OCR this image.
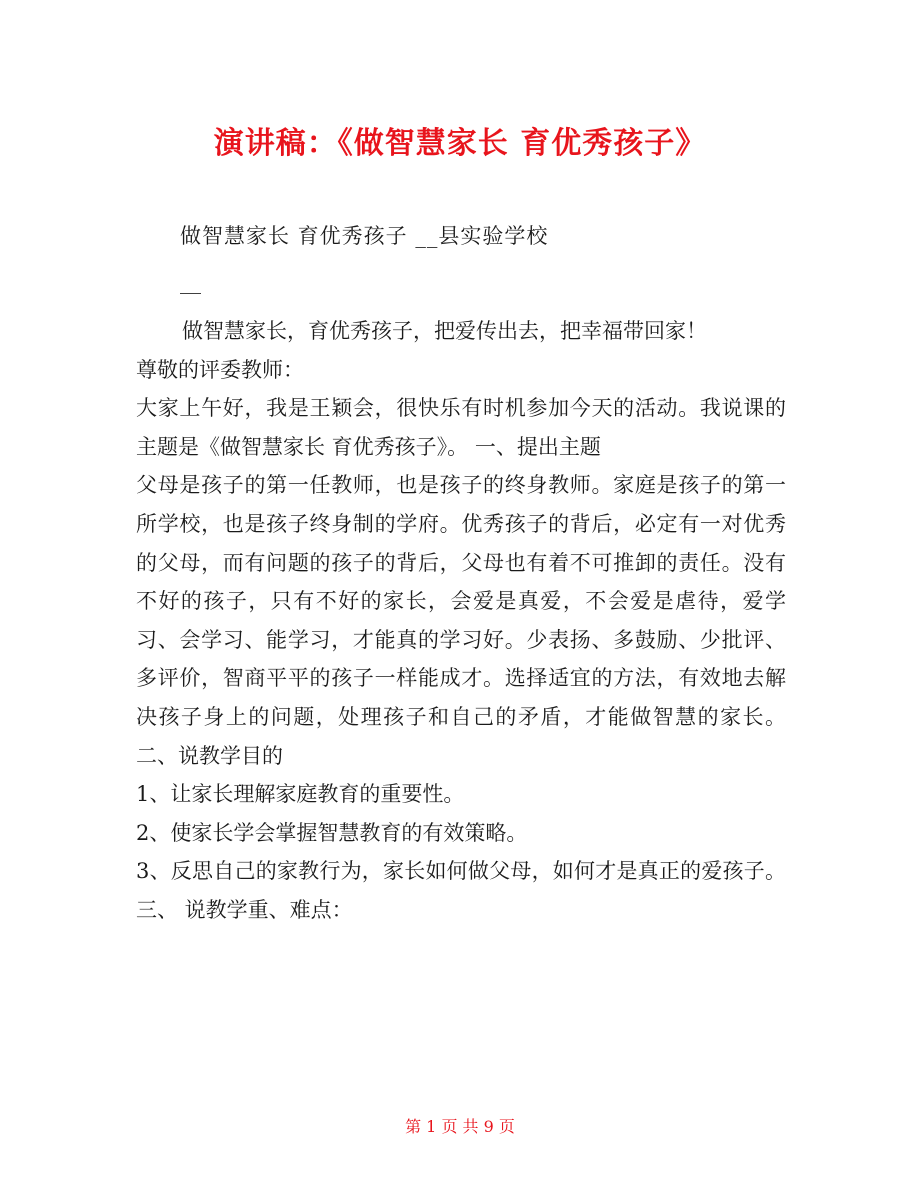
演讲稿：《做智慧家长 育优秀孩子》
做智慧家长 育优秀孩子 __县实验学校
__

做智慧家长，育优秀孩子，把爱传出去，把幸福带回家！

尊敬的评委教师：

大家上午好，我是王颖会，很快乐有时机参加今天的活动。我说课的主题是《做智慧家长 育优秀孩子》。 一、提出主题

父母是孩子的第一任教师，也是孩子的终身教师。家庭是孩子的第一所学校，也是孩子终身制的学府。优秀孩子的背后，必定有一对优秀的父母，而有问题的孩子的背后，父母也有着不可推卸的责任。没有不好的孩子，只有不好的家长，会爱是真爱，不会爱是虐待，爱学习、会学习、能学习，才能真的学习好。少表扬、多鼓励、少批评、多评价，智商平平的孩子一样能成才。选择适宜的方法，有效地去解决孩子身上的问题，处理孩子和自己的矛盾，才能做智慧的家长。 二、说教学目的

1、让家长理解家庭教育的重要性。

2、使家长学会掌握智慧教育的有效策略。

3、反思自己的家教行为，家长如何做父母，如何才是真正的爱孩子。 三、 说教学重、难点：

第 1 页 共 9 页
